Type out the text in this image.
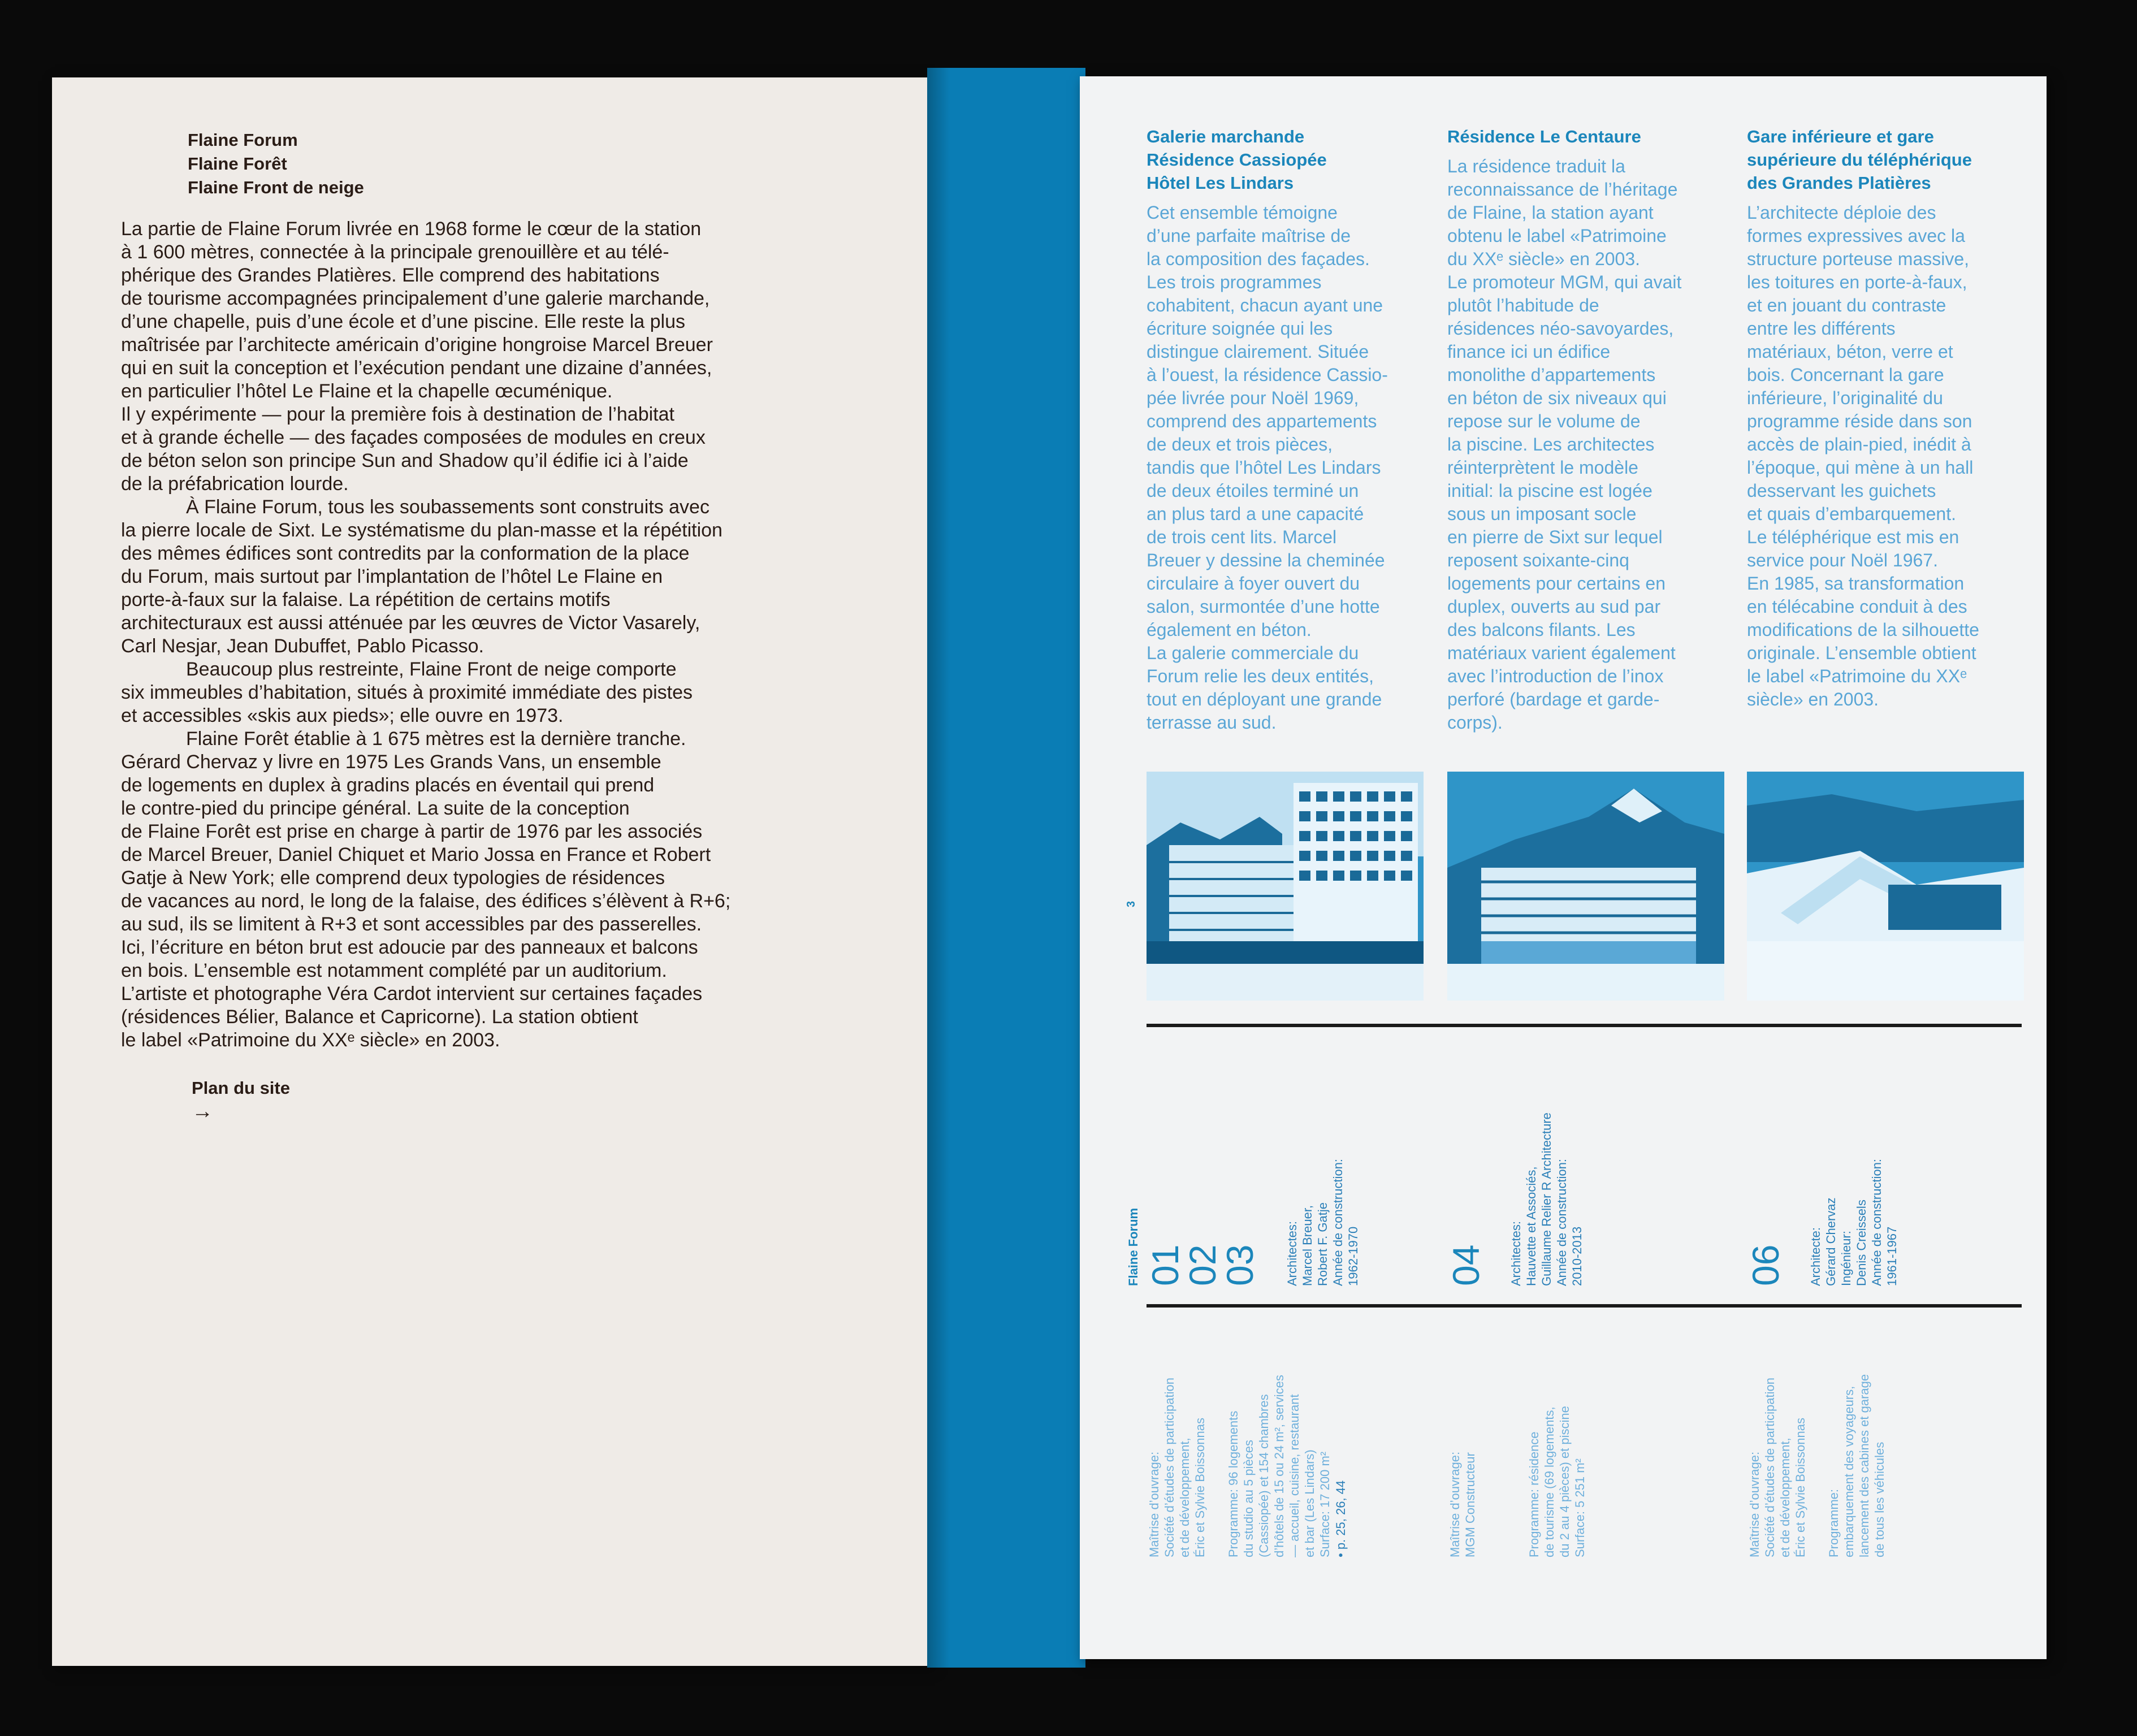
Flaine Forum
Flaine Forêt
Flaine Front de neige

La partie de Flaine Forum livrée en 1968 forme le cœur de la station
à 1 600 mètres, connectée à la principale grenouillère et au télé-
phérique des Grandes Platières. Elle comprend des habitations
de tourisme accompagnées principalement d’une galerie marchande,
d’une chapelle, puis d’une école et d’une piscine. Elle reste la plus
maîtrisée par l’architecte américain d’origine hongroise Marcel Breuer
qui en suit la conception et l’exécution pendant une dizaine d’années,
en particulier l’hôtel Le Flaine et la chapelle œcuménique.
Il y expérimente — pour la première fois à destination de l’habitat
et à grande échelle — des façades composées de modules en creux
de béton selon son principe Sun and Shadow qu’il édifie ici à l’aide
de la préfabrication lourde.

À Flaine Forum, tous les soubassements sont construits avec
la pierre locale de Sixt. Le systématisme du plan-masse et la répétition
des mêmes édifices sont contredits par la conformation de la place
du Forum, mais surtout par l’implantation de l’hôtel Le Flaine en
porte-à-faux sur la falaise. La répétition de certains motifs
architecturaux est aussi atténuée par les œuvres de Victor Vasarely,
Carl Nesjar, Jean Dubuffet, Pablo Picasso.

Beaucoup plus restreinte, Flaine Front de neige comporte
six immeubles d’habitation, situés à proximité immédiate des pistes
et accessibles «skis aux pieds»; elle ouvre en 1973.

Flaine Forêt établie à 1 675 mètres est la dernière tranche.
Gérard Chervaz y livre en 1975 Les Grands Vans, un ensemble
de logements en duplex à gradins placés en éventail qui prend
le contre-pied du principe général. La suite de la conception
de Flaine Forêt est prise en charge à partir de 1976 par les associés
de Marcel Breuer, Daniel Chiquet et Mario Jossa en France et Robert
Gatje à New York; elle comprend deux typologies de résidences
de vacances au nord, le long de la falaise, des édifices s’élèvent à R+6;
au sud, ils se limitent à R+3 et sont accessibles par des passerelles.
Ici, l’écriture en béton brut est adoucie par des panneaux et balcons
en bois. L’ensemble est notamment complété par un auditorium.
L’artiste et photographe Véra Cardot intervient sur certaines façades
(résidences Bélier, Balance et Capricorne). La station obtient
le label «Patrimoine du XXᵉ siècle» en 2003.

Plan du site
→
Galerie marchande
Résidence Cassiopée
Hôtel Les Lindars
Cet ensemble témoigne
d’une parfaite maîtrise de
la composition des façades.
Les trois programmes
cohabitent, chacun ayant une
écriture soignée qui les
distingue clairement. Située
à l’ouest, la résidence Cassio-
pée livrée pour Noël 1969,
comprend des appartements
de deux et trois pièces,
tandis que l’hôtel Les Lindars
de deux étoiles terminé un
an plus tard a une capacité
de trois cent lits. Marcel
Breuer y dessine la cheminée
circulaire à foyer ouvert du
salon, surmontée d’une hotte
également en béton.
La galerie commerciale du
Forum relie les deux entités,
tout en déployant une grande
terrasse au sud.
Résidence Le Centaure
La résidence traduit la
reconnaissance de l’héritage
de Flaine, la station ayant
obtenu le label «Patrimoine
du XXᵉ siècle» en 2003.
Le promoteur MGM, qui avait
plutôt l’habitude de
résidences néo-savoyardes,
finance ici un édifice
monolithe d’appartements
en béton de six niveaux qui
repose sur le volume de
la piscine. Les architectes
réinterprètent le modèle
initial: la piscine est logée
sous un imposant socle
en pierre de Sixt sur lequel
reposent soixante-cinq
logements pour certains en
duplex, ouverts au sud par
des balcons filants. Les
matériaux varient également
avec l’introduction de l’inox
perforé (bardage et garde-
corps).
Gare inférieure et gare
supérieure du téléphérique
des Grandes Platières
L’architecte déploie des
formes expressives avec la
structure porteuse massive,
les toitures en porte-à-faux,
et en jouant du contraste
entre les différents
matériaux, béton, verre et
bois. Concernant la gare
inférieure, l’originalité du
programme réside dans son
accès de plain-pied, inédit à
l’époque, qui mène à un hall
desservant les guichets
et quais d’embarquement.
Le téléphérique est mis en
service pour Noël 1967.
En 1985, sa transformation
en télécabine conduit à des
modifications de la silhouette
originale. L’ensemble obtient
le label «Patrimoine du XXᵉ
siècle» en 2003.
3
Flaine Forum 01
02
03 Architectes: Marcel Breuer, Robert F. Gatje Année de construction: 1962-1970
Maîtrise d’ouvrage: Société d’études de participation et de développement, Éric et Sylvie Boissonnas Programme: 96 logements du studio au 5 pièces (Cassiopée) et 154 chambres d’hôtels de 15 ou 24 m², services — accueil, cuisine, restaurant et bar (Les Lindars) Surface: 17 200 m² • p. 25, 26, 44
04 Architectes: Hauvette et Associés, Guillaume Relier R Architecture Année de construction: 2010-2013
Maîtrise d’ouvrage: MGM Constructeur	Programme: résidence de tourisme (69 logements, du 2 au 4 pièces) et piscine Surface: 5 251 m²
06 Architecte: Gérard Chervaz Ingénieur: Denis Creissels Année de construction: 1961-1967
Maîtrise d’ouvrage: Société d’études de participation et de développement, Éric et Sylvie Boissonnas Programme: embarquement des voyageurs, lancement des cabines et garage de tous les véhicules
